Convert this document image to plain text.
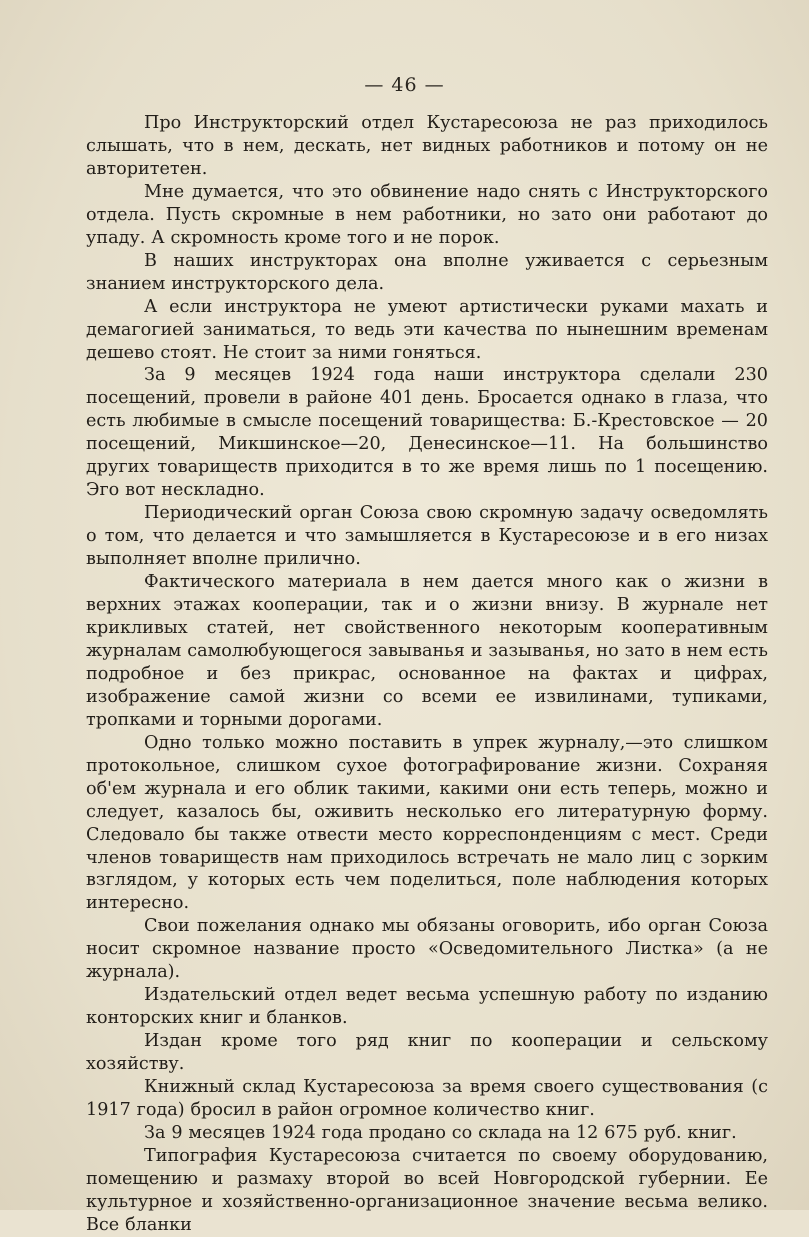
— 46 —

Про Инструкторский отдел Кустаресоюза не раз приходилось слышать, что в нем, дескать, нет видных работников и потому он не авторитетен.

Мне думается, что это обвинение надо снять с Инструкторского отдела. Пусть скромные в нем работники, но зато они работают до упаду. А скромность кроме того и не порок.

В наших инструкторах она вполне уживается с серьезным знанием инструкторского дела.

А если инструктора не умеют артистически руками махать и демагогией заниматься, то ведь эти качества по нынешним временам дешево стоят. Не стоит за ними гоняться.

За 9 месяцев 1924 года наши инструктора сделали 230 посещений, провели в районе 401 день. Бросается однако в глаза, что есть любимые в смысле посещений товарищества: Б.-Крестовское — 20 посещений, Микшинское—20, Денесинское—11. На большинство других товариществ приходится в то же время лишь по 1 посещению. Эго вот нескладно.

Периодический орган Союза свою скромную задачу осведомлять о том, что делается и что замышляется в Кустаресоюзе и в его низах выполняет вполне прилично.

Фактического материала в нем дается много как о жизни в верхних этажах кооперации, так и о жизни внизу. В журнале нет крикливых статей, нет свойственного некоторым кооперативным журналам самолюбующегося завыванья и зазыванья, но зато в нем есть подробное и без прикрас, основанное на фактах и цифрах, изображение самой жизни со всеми ее извилинами, тупиками, тропками и торными дорогами.

Одно только можно поставить в упрек журналу,—это слишком протокольное, слишком сухое фотографирование жизни. Сохраняя об'ем журнала и его облик такими, какими они есть теперь, можно и следует, казалось бы, оживить несколько его литературную форму. Следовало бы также отвести место корреспонденциям с мест. Среди членов товариществ нам приходилось встречать не мало лиц с зорким взглядом, у которых есть чем поделиться, поле наблюдения которых интересно.

Свои пожелания однако мы обязаны оговорить, ибо орган Союза носит скромное название просто «Осведомительного Листка» (а не журнала).

Издательский отдел ведет весьма успешную работу по изданию конторских книг и бланков.

Издан кроме того ряд книг по кооперации и сельскому хозяйству.

Книжный склад Кустаресоюза за время своего существования (с 1917 года) бросил в район огромное количество книг.

За 9 месяцев 1924 года продано со склада на 12 675 руб. книг.

Типография Кустаресоюза считается по своему оборудованию, помещению и размаху второй во всей Новгородской губернии. Ее культурное и хозяйственно-организационное значение весьма велико. Все бланки
